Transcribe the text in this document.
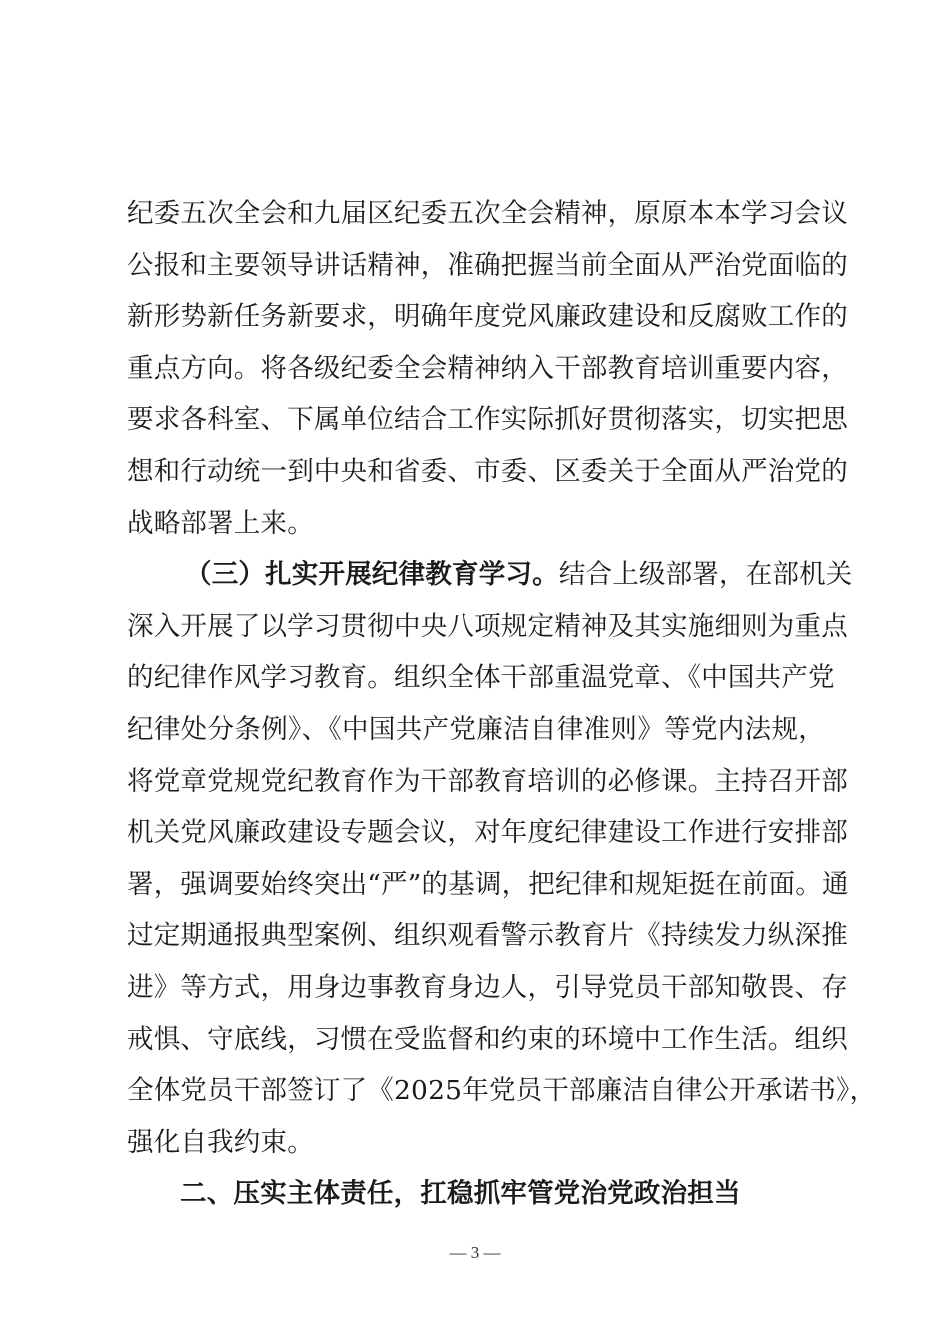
纪委五次全会和九届区纪委五次全会精神，原原本本学习会议
公报和主要领导讲话精神，准确把握当前全面从严治党面临的
新形势新任务新要求，明确年度党风廉政建设和反腐败工作的
重点方向。将各级纪委全会精神纳入干部教育培训重要内容，
要求各科室、下属单位结合工作实际抓好贯彻落实，切实把思
想和行动统一到中央和省委、市委、区委关于全面从严治党的
战略部署上来。
（三）扎实开展纪律教育学习。结合上级部署，在部机关
深入开展了以学习贯彻中央八项规定精神及其实施细则为重点
的纪律作风学习教育。组织全体干部重温党章、《中国共产党
纪律处分条例》、《中国共产党廉洁自律准则》等党内法规，
将党章党规党纪教育作为干部教育培训的必修课。主持召开部
机关党风廉政建设专题会议，对年度纪律建设工作进行安排部
署，强调要始终突出“严”的基调，把纪律和规矩挺在前面。通
过定期通报典型案例、组织观看警示教育片《持续发力纵深推
进》等方式，用身边事教育身边人，引导党员干部知敬畏、存
戒惧、守底线，习惯在受监督和约束的环境中工作生活。组织
全体党员干部签订了《2025年党员干部廉洁自律公开承诺书》，
强化自我约束。
二、压实主体责任，扛稳抓牢管党治党政治担当
— 3 —
